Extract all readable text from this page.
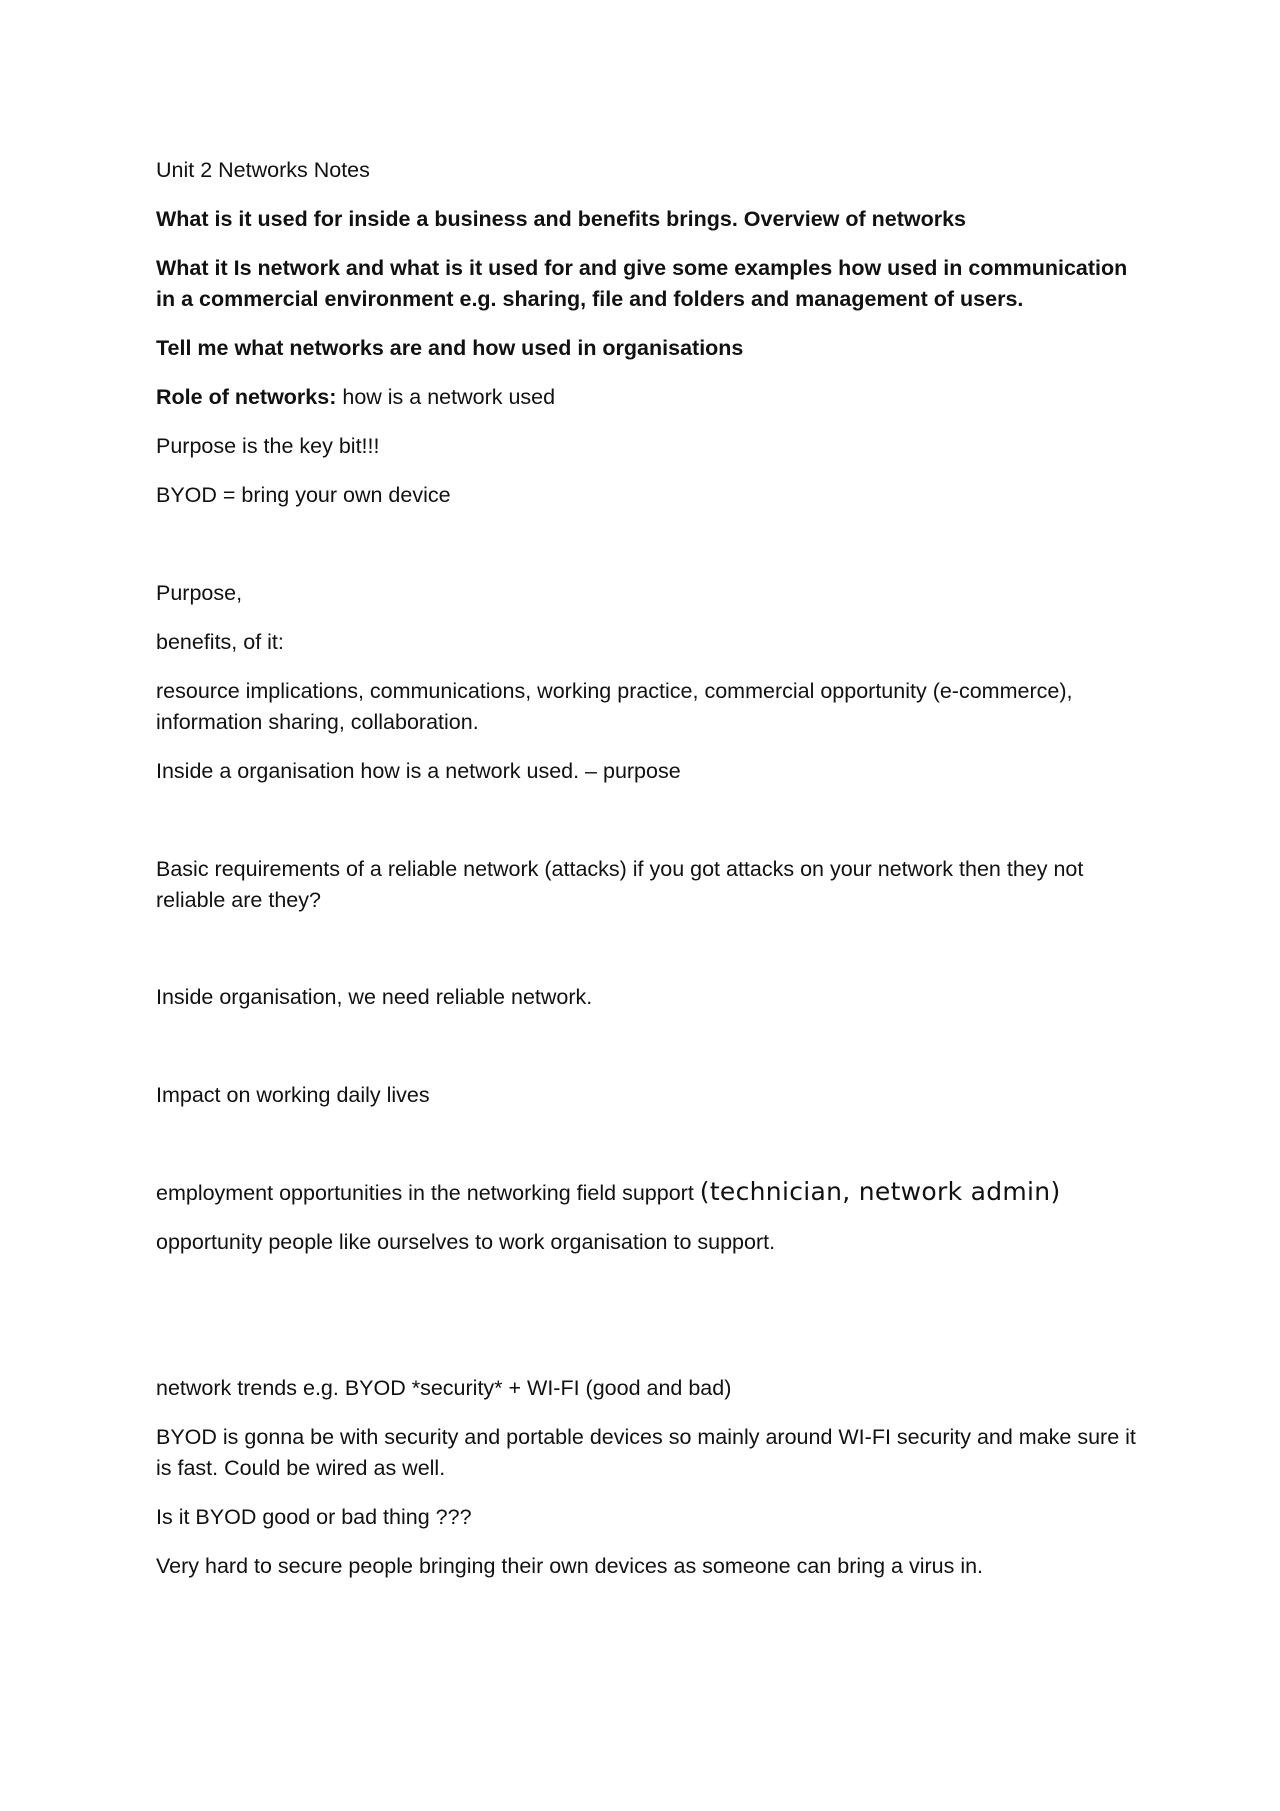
Unit 2 Networks Notes

What is it used for inside a business and benefits brings. Overview of networks

What it Is network and what is it used for and give some examples how used in communication in a commercial environment e.g. sharing, file and folders and management of users.

Tell me what networks are and how used in organisations

Role of networks: how is a network used

Purpose is the key bit!!!

BYOD = bring your own device

Purpose,

benefits, of it:

resource implications, communications, working practice, commercial opportunity (e-commerce), information sharing, collaboration.

Inside a organisation how is a network used. – purpose

Basic requirements of a reliable network (attacks) if you got attacks on your network then they not reliable are they?

Inside organisation, we need reliable network.

Impact on working daily lives

employment opportunities in the networking field support (technician, network admin)

opportunity people like ourselves to work organisation to support.

network trends e.g. BYOD *security* + WI-FI (good and bad)

BYOD is gonna be with security and portable devices so mainly around WI-FI security and make sure it is fast. Could be wired as well.

Is it BYOD good or bad thing ???

Very hard to secure people bringing their own devices as someone can bring a virus in.
